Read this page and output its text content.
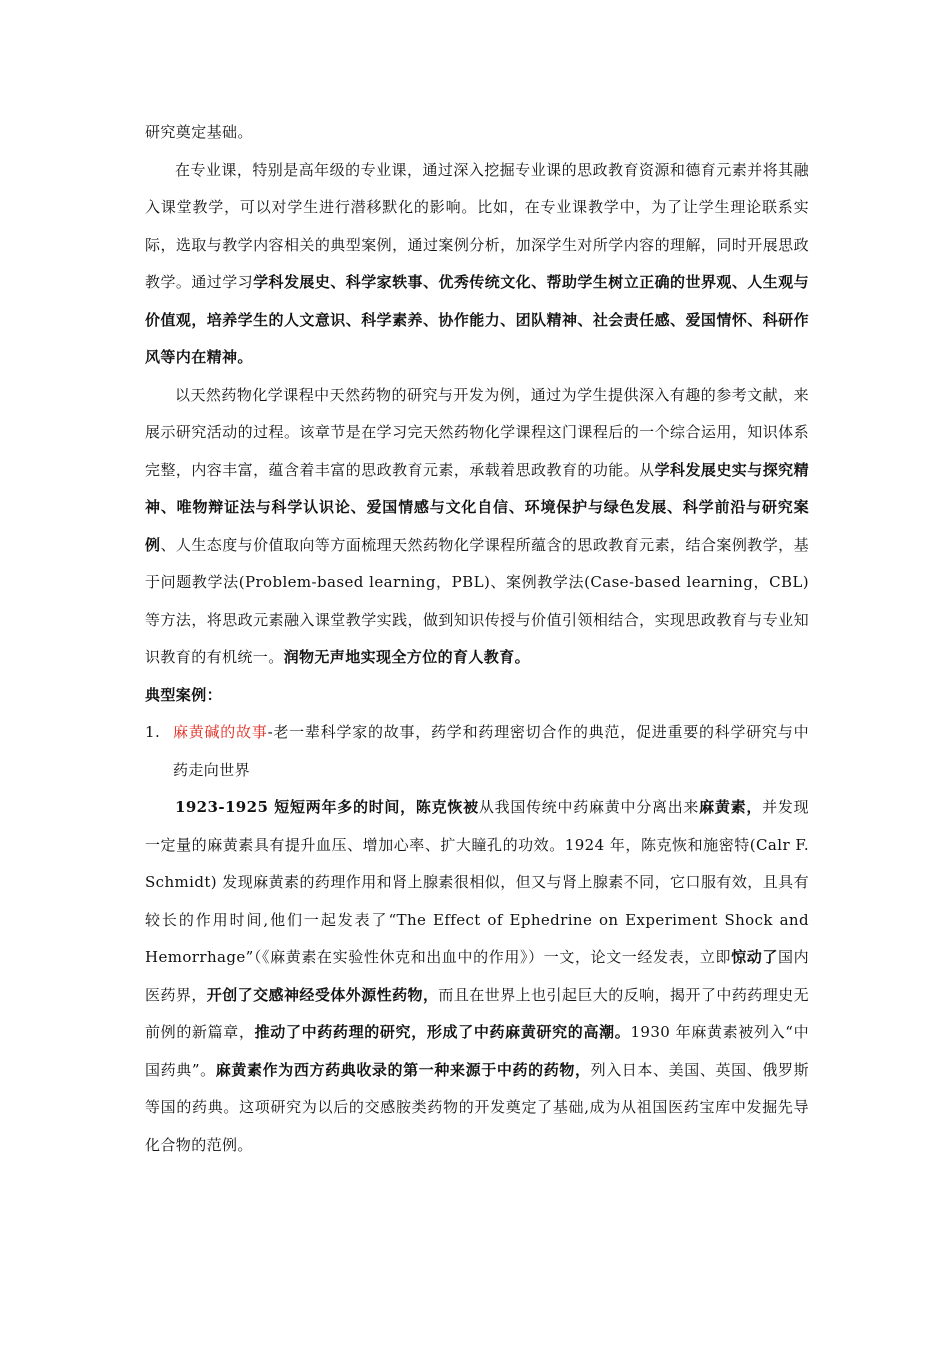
研究奠定基础。

在专业课，特别是高年级的专业课，通过深入挖掘专业课的思政教育资源和德育元素并将其融入课堂教学，可以对学生进行潜移默化的影响。比如，在专业课教学中，为了让学生理论联系实际，选取与教学内容相关的典型案例，通过案例分析，加深学生对所学内容的理解，同时开展思政教学。通过学习学科发展史、科学家轶事、优秀传统文化、帮助学生树立正确的世界观、人生观与价值观，培养学生的人文意识、科学素养、协作能力、团队精神、社会责任感、爱国情怀、科研作风等内在精神。

以天然药物化学课程中天然药物的研究与开发为例，通过为学生提供深入有趣的参考文献，来展示研究活动的过程。该章节是在学习完天然药物化学课程这门课程后的一个综合运用，知识体系完整，内容丰富，蕴含着丰富的思政教育元素，承载着思政教育的功能。从学科发展史实与探究精神、唯物辩证法与科学认识论、爱国情感与文化自信、环境保护与绿色发展、科学前沿与研究案例、人生态度与价值取向等方面梳理天然药物化学课程所蕴含的思政教育元素，结合案例教学，基于问题教学法(Problem-based learning，PBL)、案例教学法(Case-based learning，CBL)等方法，将思政元素融入课堂教学实践，做到知识传授与价值引领相结合，实现思政教育与专业知识教育的有机统一。润物无声地实现全方位的育人教育。

典型案例：

1. 麻黄碱的故事-老一辈科学家的故事，药学和药理密切合作的典范，促进重要的科学研究与中药走向世界

1923-1925 短短两年多的时间，陈克恢被从我国传统中药麻黄中分离出来麻黄素，并发现一定量的麻黄素具有提升血压、增加心率、扩大瞳孔的功效。1924 年，陈克恢和施密特(Calr F. Schmidt) 发现麻黄素的药理作用和肾上腺素很相似，但又与肾上腺素不同，它口服有效，且具有较长的作用时间,他们一起发表了“The Effect of Ephedrine on Experiment Shock and Hemorrhage”（《麻黄素在实验性休克和出血中的作用》）一文，论文一经发表，立即惊动了国内医药界，开创了交感神经受体外源性药物，而且在世界上也引起巨大的反响，揭开了中药药理史无前例的新篇章，推动了中药药理的研究，形成了中药麻黄研究的高潮。1930 年麻黄素被列入“中国药典”。麻黄素作为西方药典收录的第一种来源于中药的药物，列入日本、美国、英国、俄罗斯等国的药典。这项研究为以后的交感胺类药物的开发奠定了基础,成为从祖国医药宝库中发掘先导化合物的范例。
